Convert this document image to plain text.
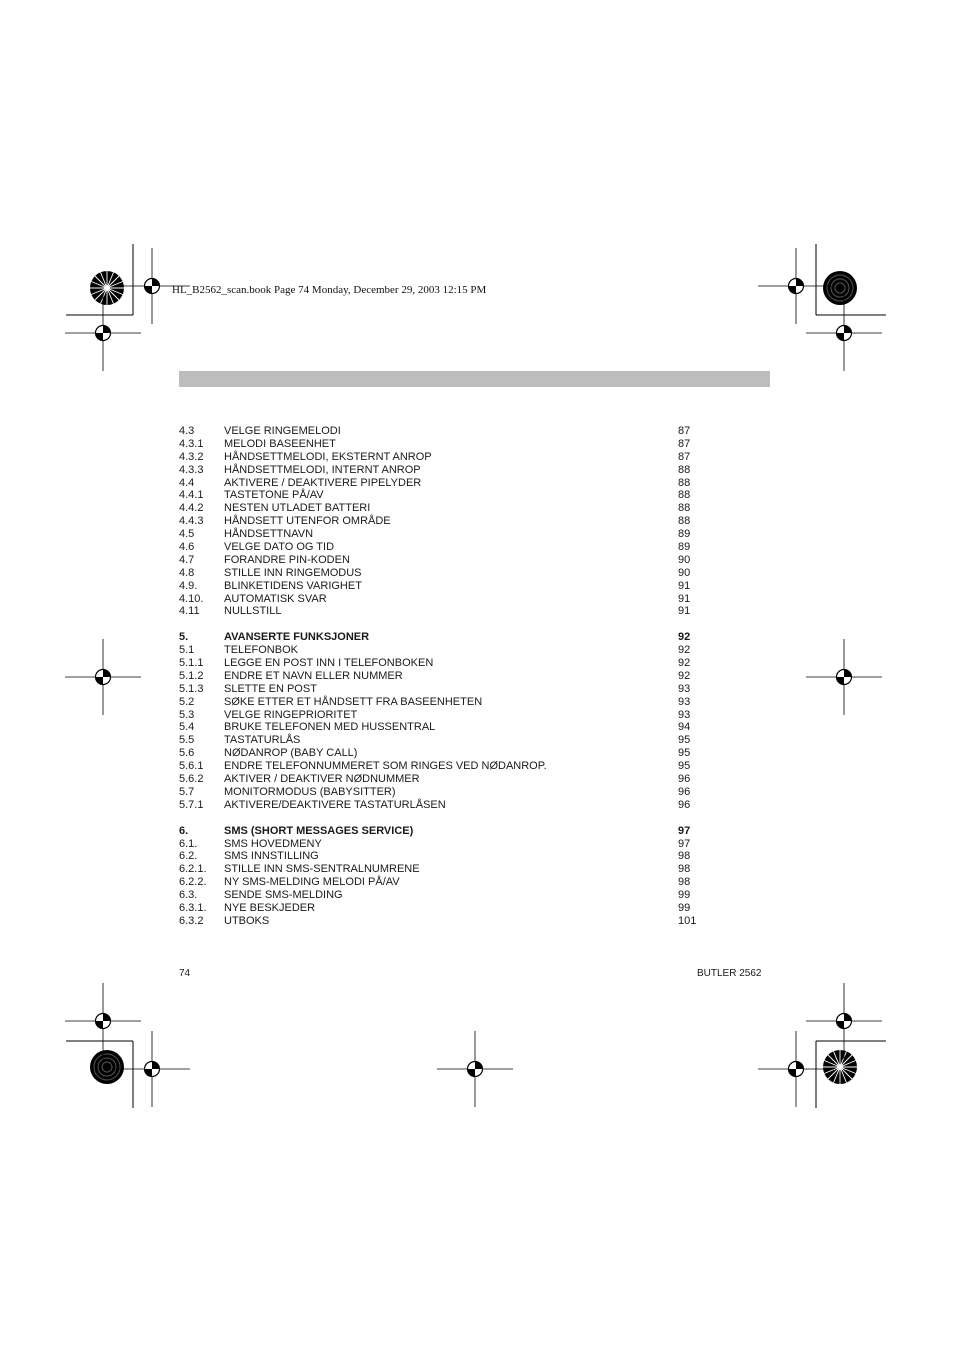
HL_B2562_scan.book Page 74 Monday, December 29, 2003 12:15 PM
4.3	VELGE RINGEMELODI	87
4.3.1 MELODI BASEENHET	87
4.3.2 HÅNDSETTMELODI, EKSTERNT ANROP	87
4.3.3 HÅNDSETTMELODI, INTERNT ANROP	88
4.4	AKTIVERE / DEAKTIVERE PIPELYDER	88
4.4.1 TASTETONE PÅ/AV	88
4.4.2 NESTEN UTLADET BATTERI	88
4.4.3 HÅNDSETT UTENFOR OMRÅDE	88
4.5	HÅNDSETTNAVN	89
4.6	VELGE DATO OG TID	89
4.7	FORANDRE PIN-KODEN	90
4.8	STILLE INN RINGEMODUS	90
4.9. BLINKETIDENS VARIGHET	91
4.10. AUTOMATISK SVAR	91
4.11 NULLSTILL	91
5.	AVANSERTE FUNKSJONER	92
5.1	TELEFONBOK	92
5.1.1 LEGGE EN POST INN I TELEFONBOKEN	92
5.1.2 ENDRE ET NAVN ELLER NUMMER	92
5.1.3 SLETTE EN POST	93
5.2	SØKE ETTER ET HÅNDSETT FRA BASEENHETEN	93
5.3	VELGE RINGEPRIORITET	93
5.4	BRUKE TELEFONEN MED HUSSENTRAL	94
5.5	TASTATURLÅS	95
5.6	NØDANROP (BABY CALL)	95
5.6.1 ENDRE TELEFONNUMMERET SOM RINGES VED NØDANROP.	95
5.6.2 AKTIVER / DEAKTIVER NØDNUMMER	96
5.7	MONITORMODUS (BABYSITTER)	96
5.7.1 AKTIVERE/DEAKTIVERE TASTATURLÅSEN	96
6.	SMS (SHORT MESSAGES SERVICE)	97
6.1. SMS HOVEDMENY	97
6.2. SMS INNSTILLING	98
6.2.1. STILLE INN SMS-SENTRALNUMRENE	98
6.2.2. NY SMS-MELDING MELODI PÅ/AV	98
6.3. SENDE SMS-MELDING	99
6.3.1. NYE BESKJEDER	99
6.3.2 UTBOKS	101
74	BUTLER 2562
